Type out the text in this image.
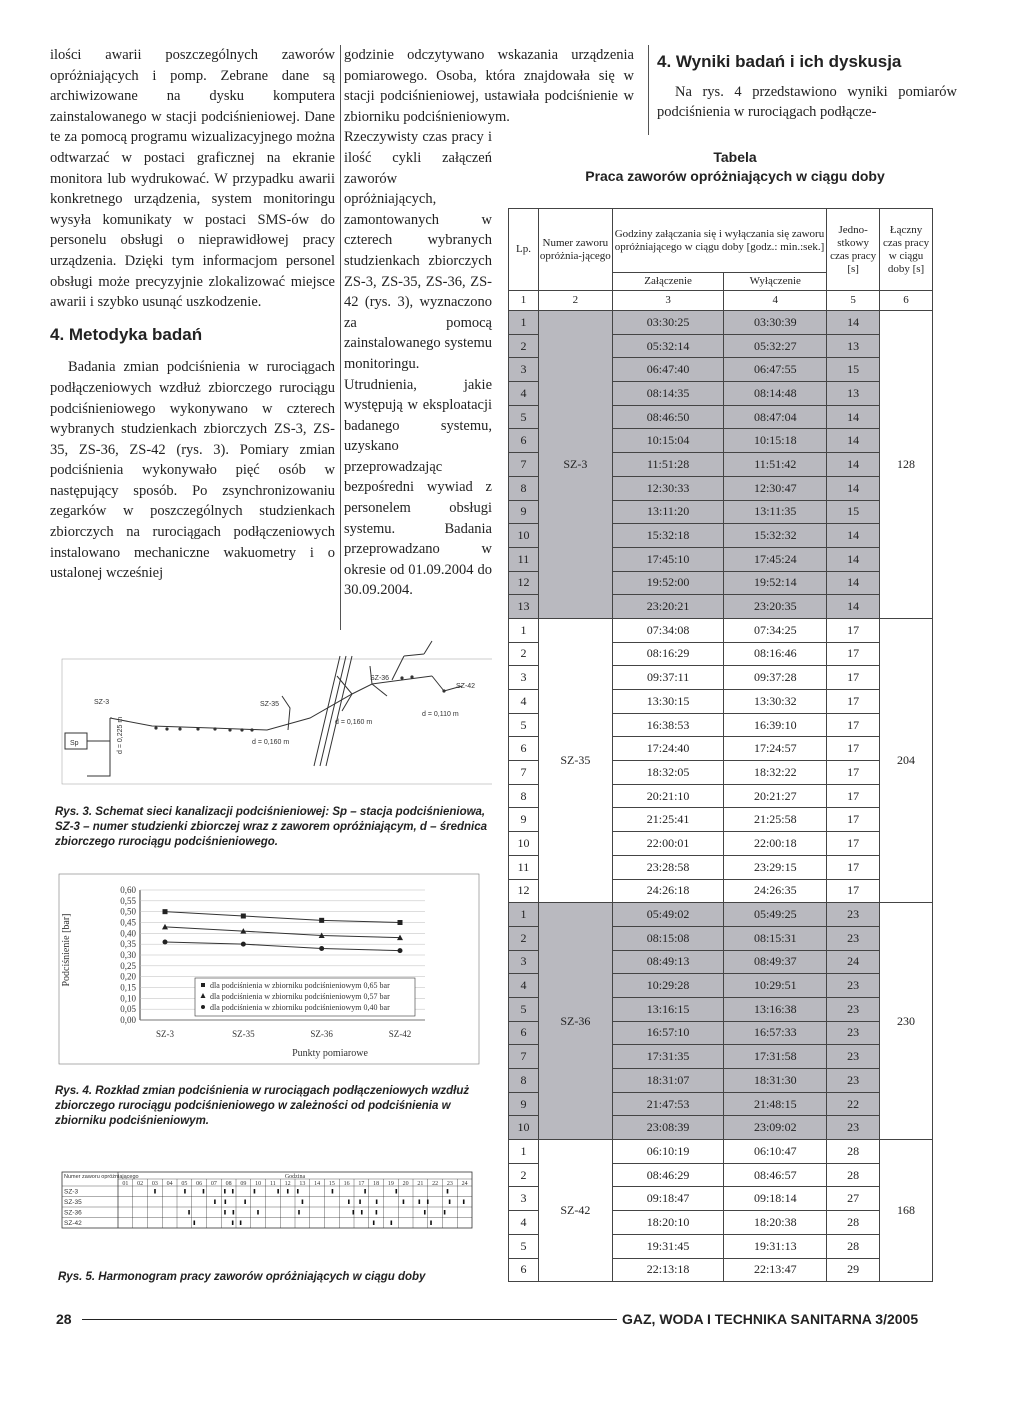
ilości awarii poszczególnych zaworów opróżniających i pomp. Zebrane dane są archiwizowane na dysku komputera zainstalowanego w stacji podciśnieniowej. Dane te za pomocą programu wizualizacyjnego można odtwarzać w postaci graficznej na ekranie monitora lub wydrukować. W przypadku awarii konkretnego urządzenia, system monitoringu wysyła komunikaty w postaci SMS-ów do personelu obsługi o nieprawidłowej pracy urządzenia. Dzięki tym informacjom personel obsługi może precyzyjnie zlokalizować miejsce awarii i szybko usunąć uszkodzenie.

4. Metodyka badań

Badania zmian podciśnienia w rurociągach podłączeniowych wzdłuż zbiorczego rurociągu podciśnieniowego wykonywano w czterech wybranych studzienkach zbiorczych ZS-3, ZS-35, ZS-36, ZS-42 (rys. 3). Pomiary zmian podciśnienia wykonywało pięć osób w następujący sposób. Po zsynchronizowaniu zegarków w poszczególnych studzienkach zbiorczych na rurociągach podłączeniowych instalowano mechaniczne wakuometry i o ustalonej wcześniej

godzinie odczytywano wskazania urządzenia pomiarowego. Osoba, która znajdowała się w stacji podciśnieniowej, ustawiała podciśnienie w zbiorniku podciśnieniowym.

Rzeczywisty czas pracy i ilość cykli załączeń zaworów opróżniających, zamontowanych w czterech wybranych studzienkach zbiorczych ZS-3, ZS-35, ZS-36, ZS-42 (rys. 3), wyznaczono za pomocą zainstalowanego systemu monitoringu. Utrudnienia, jakie występują w eksploatacji badanego systemu, uzyskano przeprowadzając bezpośredni wywiad z personelem obsługi systemu. Badania przeprowadzano w okresie od 01.09.2004 do 30.09.2004.

4. Wyniki badań i ich dyskusja

Na rys. 4 przedstawiono wyniki pomiarów podciśnienia w rurociągach podłącze-

Tabela
Praca zaworów opróżniających w ciągu doby
Lp.	Numer zaworu opróżnia-jącego	Godziny załączania się i wyłączania się zaworu opróżniającego w ciągu doby [godz.: min.:sek.]		Jedno-stkowy czas pracy [s]	Łączny czas pracy w ciągu doby [s]
		Załączenie	Wyłączenie		
1	2	3	4	5	6
1	SZ-3	03:30:25	03:30:39	14	128
2		05:32:14	05:32:27	13	
3		06:47:40	06:47:55	15	
4		08:14:35	08:14:48	13	
5		08:46:50	08:47:04	14	
6		10:15:04	10:15:18	14	
7		11:51:28	11:51:42	14	
8		12:30:33	12:30:47	14	
9		13:11:20	13:11:35	15	
10		15:32:18	15:32:32	14	
11		17:45:10	17:45:24	14	
12		19:52:00	19:52:14	14	
13		23:20:21	23:20:35	14	
1	SZ-35	07:34:08	07:34:25	17	204
2		08:16:29	08:16:46	17	
3		09:37:11	09:37:28	17	
4		13:30:15	13:30:32	17	
5		16:38:53	16:39:10	17	
6		17:24:40	17:24:57	17	
7		18:32:05	18:32:22	17	
8		20:21:10	20:21:27	17	
9		21:25:41	21:25:58	17	
10		22:00:01	22:00:18	17	
11		23:28:58	23:29:15	17	
12		24:26:18	24:26:35	17	
1	SZ-36	05:49:02	05:49:25	23	230
2		08:15:08	08:15:31	23	
3		08:49:13	08:49:37	24	
4		10:29:28	10:29:51	23	
5		13:16:15	13:16:38	23	
6		16:57:10	16:57:33	23	
7		17:31:35	17:31:58	23	
8		18:31:07	18:31:30	23	
9		21:47:53	21:48:15	22	
10		23:08:39	23:09:02	23	
1	SZ-42	06:10:19	06:10:47	28	168
2		08:46:29	08:46:57	28	
3		09:18:47	09:18:14	27	
4		18:20:10	18:20:38	28	
5		19:31:45	19:31:13	28	
6		22:13:18	22:13:47	29	
Sp
SZ-3	SZ-35
SZ-36
SZ-42
d = 0,225 m	d = 0,160 m
d = 0,160 m
d = 0,110 m
Rys. 3. Schemat sieci kanalizacji podciśnieniowej: Sp – stacja podciśnieniowa, SZ-3 – numer studzienki zbiorczej wraz z zaworem opróżniającym, d – średnica zbiorczego rurociągu podciśnieniowego.
Podciśnienie [bar]
Punkty pomiarowe
0,00
0,05
0,10
0,15
0,20
0,25
0,30
0,35
0,40
0,45
0,50
0,55
0,60
SZ-3	SZ-35	SZ-36	SZ-42
dla podciśnienia w zbiorniku podciśnieniowym 0,65 bar
dla podciśnienia w zbiorniku podciśnieniowym 0,57 bar
dla podciśnienia w zbiorniku podciśnieniowym 0,40 bar
Rys. 4. Rozkład zmian podciśnienia w rurociągach podłączeniowych wzdłuż zbiorczego rurociągu podciśnieniowego w zależności od podciśnienia w zbiorniku podciśnieniowym.
Numer zaworu opróżniającego	Godzina
01 02 03 04 05 06 07 08 09 10 11 12 13 14 15 16 17 18 19 20 21 22 23 24
SZ-3
SZ-35
SZ-36
SZ-42
Rys. 5. Harmonogram pracy zaworów opróżniających w ciągu doby
28	GAZ, WODA I TECHNIKA SANITARNA 3/2005
